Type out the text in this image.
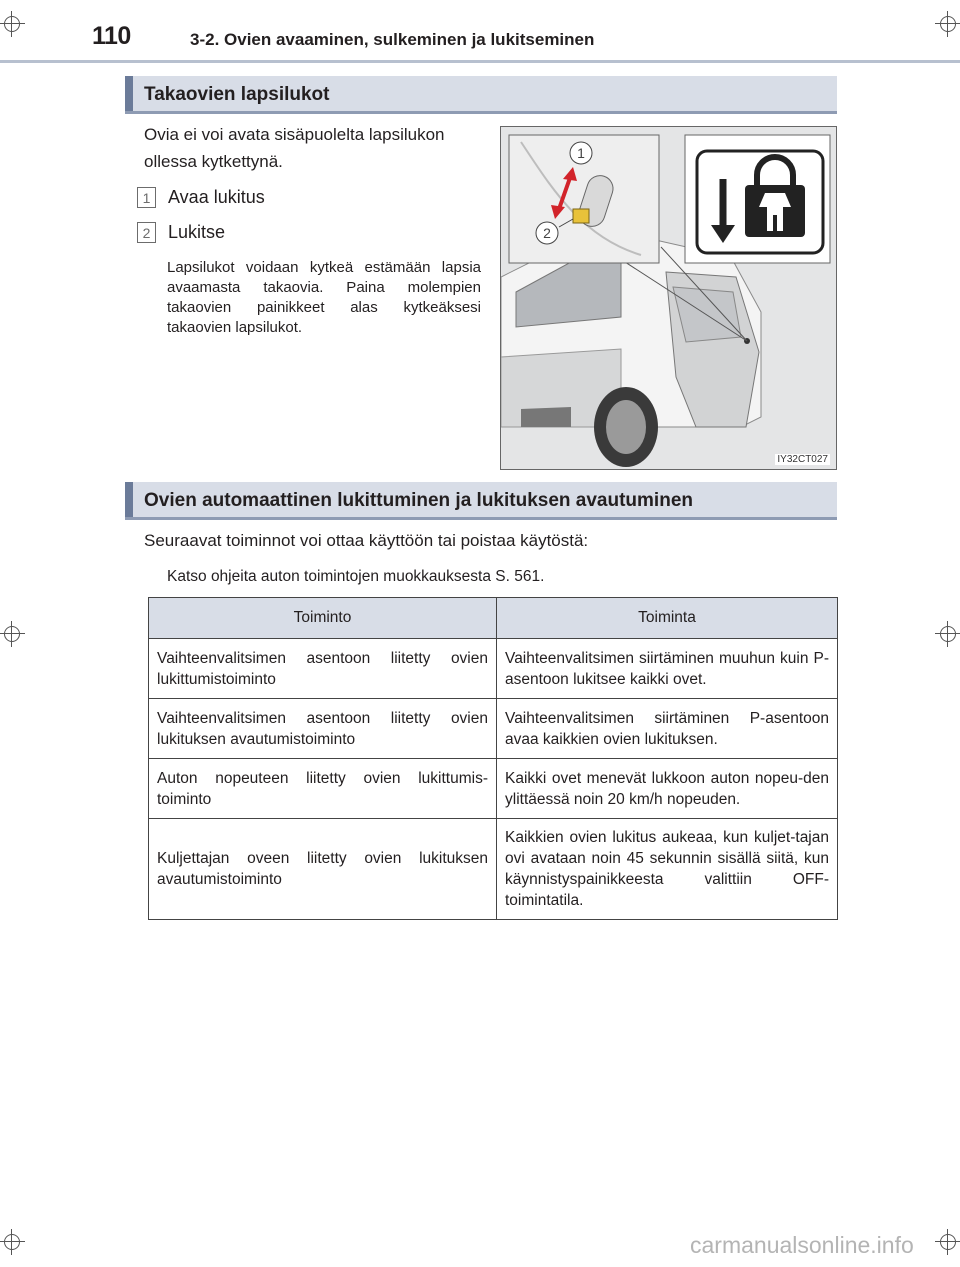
110	3-2. Ovien avaaminen, sulkeminen ja lukitseminen
Takaovien lapsilukot
Ovia ei voi avata sisäpuolelta lapsilukon
ollessa kytkettynä.
1 Avaa lukitus
2 Lukitse
Lapsilukot voidaan kytkeä estämään lapsia avaamasta takaovia. Paina molempien takaovien painikkeet alas kytkeäksesi takaovien lapsilukot.
1
2
IY32CT027
Ovien automaattinen lukittuminen ja lukituksen avautuminen
Seuraavat toiminnot voi ottaa käyttöön tai poistaa käytöstä:
Katso ohjeita auton toimintojen muokkauksesta S. 561.
Toiminto	Toiminta
Vaihteenvalitsimen asentoon liitetty ovien lukittumistoiminto	Vaihteenvalitsimen siirtäminen muuhun kuin P-asentoon lukitsee kaikki ovet.
Vaihteenvalitsimen asentoon liitetty ovien lukituksen avautumistoiminto	Vaihteenvalitsimen siirtäminen P-asentoon avaa kaikkien ovien lukituksen.
Auton nopeuteen liitetty ovien lukittumis-toiminto	Kaikki ovet menevät lukkoon auton nopeu-den ylittäessä noin 20 km/h nopeuden.
Kuljettajan oveen liitetty ovien lukituksen avautumistoiminto	Kaikkien ovien lukitus aukeaa, kun kuljet-tajan ovi avataan noin 45 sekunnin sisällä siitä, kun käynnistyspainikkeesta valittiin OFF-toimintatila.
carmanualsonline.info
